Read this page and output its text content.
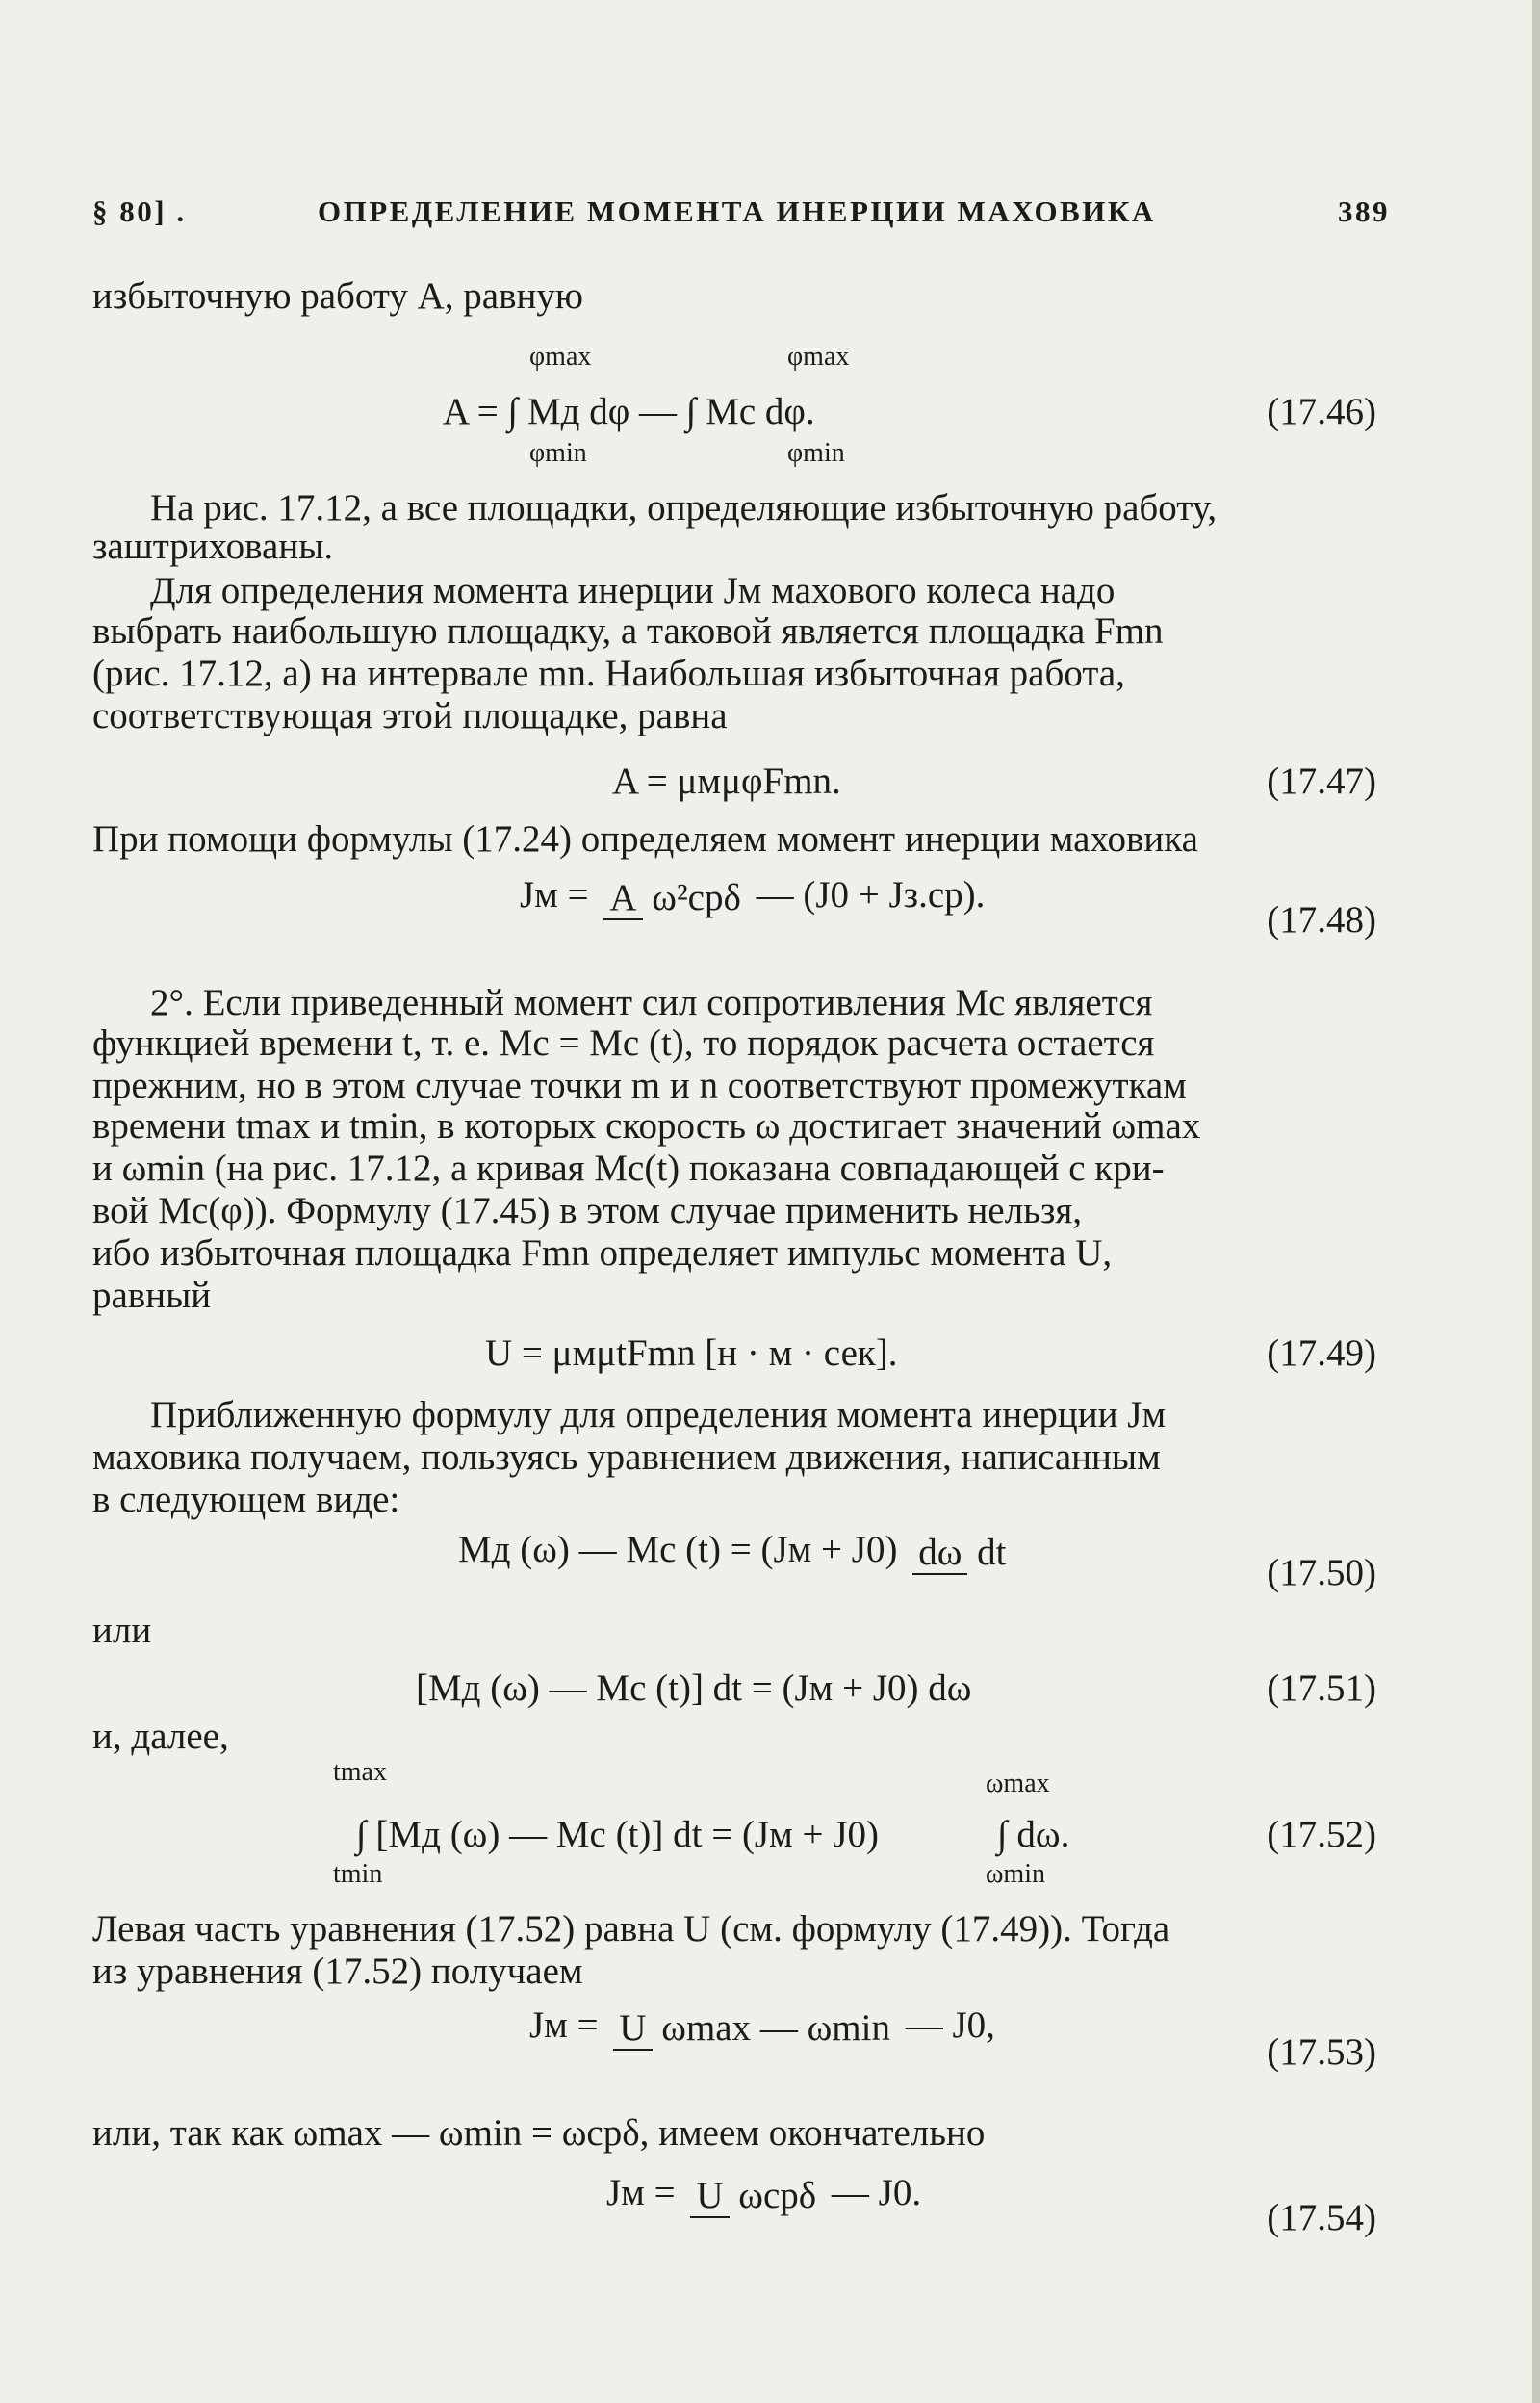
§ 80] .	ОПРЕДЕЛЕНИЕ МОМЕНТА ИНЕРЦИИ МАХОВИКА	389
избыточную работу A, равную
φmax
φmin
φmax
φmin
A = ∫ Mд dφ — ∫ Mс dφ.	(17.46)
На рис. 17.12, а все площадки, определяющие избыточную работу,
заштрихованы.
Для определения момента инерции Jм махового колеса надо
выбрать наибольшую площадку, а таковой является площадка Fmn
(рис. 17.12, а) на интервале mn. Наибольшая избыточная работа,
соответствующая этой площадке, равна
A = μмμφFmn.	(17.47)
При помощи формулы (17.24) определяем момент инерции маховика
Jм = A ω²срδ — (J0 + Jз.ср).
(17.48)
2°. Если приведенный момент сил сопротивления Mс является
функцией времени t, т. е. Mс = Mс (t), то порядок расчета остается
прежним, но в этом случае точки m и n соответствуют промежуткам
времени tmax и tmin, в которых скорость ω достигает значений ωmax
и ωmin (на рис. 17.12, а кривая Mс(t) показана совпадающей с кри-
вой Mс(φ)). Формулу (17.45) в этом случае применить нельзя,
ибо избыточная площадка Fmn определяет импульс момента U,
равный
U = μмμtFmn [н · м · сек].	(17.49)
Приближенную формулу для определения момента инерции Jм
маховика получаем, пользуясь уравнением движения, написанным
в следующем виде:
Mд (ω) — Mс (t) = (Jм + J0) dω dt	(17.50)
или
[Mд (ω) — Mс (t)] dt = (Jм + J0) dω	(17.51)
и, далее,
tmax
tmin
ωmax
ωmin
∫ [Mд (ω) — Mс (t)] dt = (Jм + J0)	∫ dω.	(17.52)
Левая часть уравнения (17.52) равна U (см. формулу (17.49)). Тогда
из уравнения (17.52) получаем
Jм = U ωmax — ωmin — J0,
(17.53)
или, так как ωmax — ωmin = ωсрδ, имеем окончательно
Jм = U ωсрδ — J0.
(17.54)
